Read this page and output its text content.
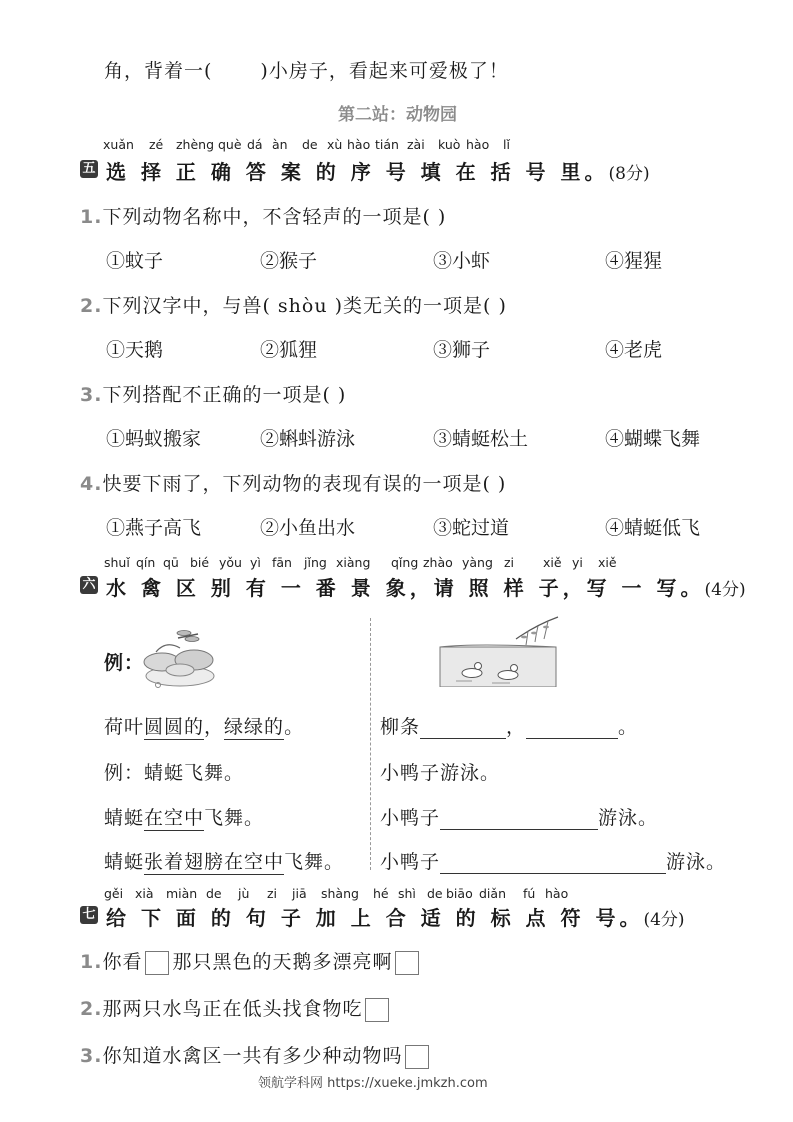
角，背着一(	)小房子，看起来可爱极了！
第二站：动物园
xuǎn zé zhèng què dá àn de xù hào tián zài kuò hào lǐ
五 选 择 正 确 答 案 的 序 号 填 在 括 号 里。(8分)
1.下列动物名称中，不含轻声的一项是( )
①蚊子	②猴子	③小虾	④猩猩
2.下列汉字中，与兽( shòu )类无关的一项是( )
①天鹅	②狐狸	③狮子	④老虎
3.下列搭配不正确的一项是( )
①蚂蚁搬家	②蝌蚪游泳	③蜻蜓松土	④蝴蝶飞舞
4.快要下雨了，下列动物的表现有误的一项是( )
①燕子高飞	②小鱼出水	③蛇过道	④蜻蜓低飞
shuǐ qín qū bié yǒu yì fān jǐng xiàng qǐng zhào yàng zi xiě yi xiě
六 水 禽 区 别 有 一 番 景 象，请 照 样 子，写 一 写。(4分)
例：
荷叶圆圆的，绿绿的。
例：蜻蜓飞舞。
蜻蜓在空中飞舞。
蜻蜓张着翅膀在空中飞舞。
柳条	，	。
小鸭子游泳。
小鸭子	游泳。
小鸭子	游泳。
gěi xià miàn de jù zi jiā shàng hé shì de biāo diǎn fú hào
七 给 下 面 的 句 子 加 上 合 适 的 标 点 符 号。(4分)
1.你看 那只黑色的天鹅多漂亮啊
2.那两只水鸟正在低头找食物吃
3.你知道水禽区一共有多少种动物吗
领航学科网 https://xueke.jmkzh.com
